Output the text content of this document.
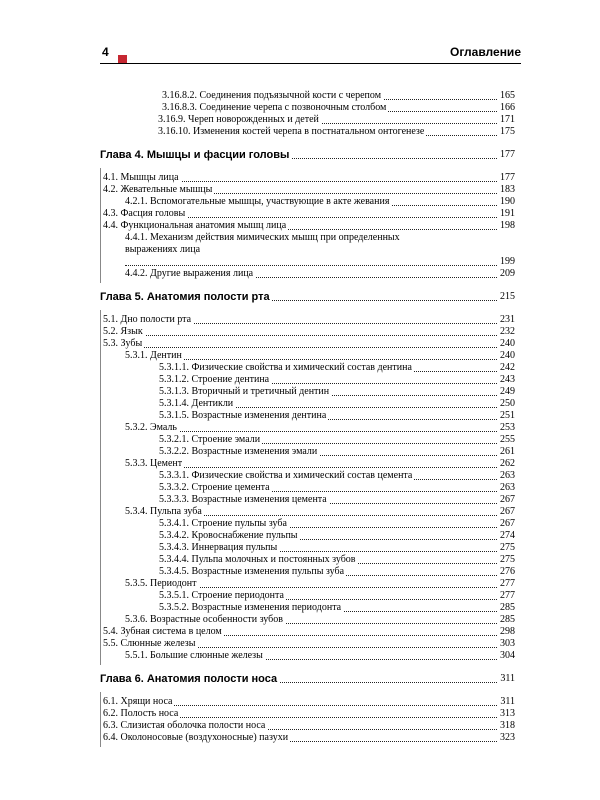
4	Оглавление
3.16.8.2. Соединения подъязычной кости с черепом	165
3.16.8.3. Соединение черепа с позвоночным столбом	166
3.16.9. Череп новорожденных и детей	171
3.16.10. Изменения костей черепа в постнатальном онтогенезе	175
Глава 4. Мышцы и фасции головы	177
4.1. Мышцы лица	177
4.2. Жевательные мышцы	183
4.2.1. Вспомогательные мышцы, участвующие в акте жевания	190
4.3. Фасция головы	191
4.4. Функциональная анатомия мышц лица	198
4.4.1. Механизм действия мимических мышц при определенных выражениях лица
199
4.4.2. Другие выражения лица	209
Глава 5. Анатомия полости рта	215
5.1. Дно полости рта	231
5.2. Язык	232
5.3. Зубы	240
5.3.1. Дентин	240
5.3.1.1. Физические свойства и химический состав дентина	242
5.3.1.2. Строение дентина	243
5.3.1.3. Вторичный и третичный дентин	249
5.3.1.4. Дентикли	250
5.3.1.5. Возрастные изменения дентина	251
5.3.2. Эмаль	253
5.3.2.1. Строение эмали	255
5.3.2.2. Возрастные изменения эмали	261
5.3.3. Цемент	262
5.3.3.1. Физические свойства и химический состав цемента	263
5.3.3.2. Строение цемента	263
5.3.3.3. Возрастные изменения цемента	267
5.3.4. Пульпа зуба	267
5.3.4.1. Строение пульпы зуба	267
5.3.4.2. Кровоснабжение пульпы	274
5.3.4.3. Иннервация пульпы	275
5.3.4.4. Пульпа молочных и постоянных зубов	275
5.3.4.5. Возрастные изменения пульпы зуба	276
5.3.5. Периодонт	277
5.3.5.1. Строение периодонта	277
5.3.5.2. Возрастные изменения периодонта	285
5.3.6. Возрастные особенности зубов	285
5.4. Зубная система в целом	298
5.5. Слюнные железы	303
5.5.1. Большие слюнные железы	304
Глава 6. Анатомия полости носа	311
6.1. Хрящи носа	311
6.2. Полость носа	313
6.3. Слизистая оболочка полости носа	318
6.4. Околоносовые (воздухоносные) пазухи	323
